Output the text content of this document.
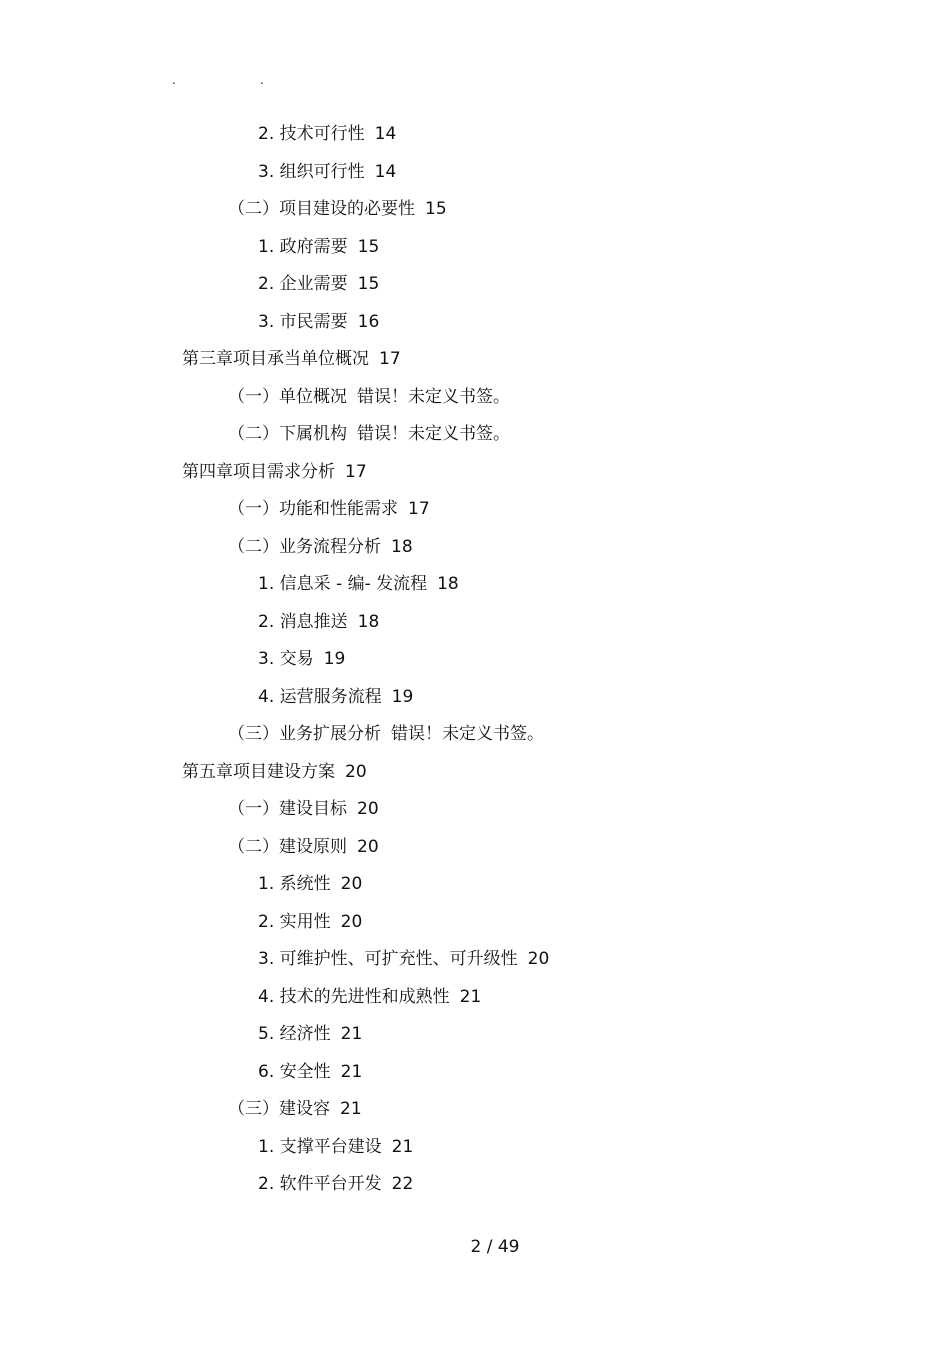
.	.
2. 技术可行性 14
3. 组织可行性 14
（二）项目建设的必要性 15
1. 政府需要 15
2. 企业需要 15
3. 市民需要 16
第三章项目承当单位概况 17
（一）单位概况 错误！未定义书签。
（二）下属机构 错误！未定义书签。
第四章项目需求分析 17
（一）功能和性能需求 17
（二）业务流程分析 18
1. 信息采 - 编- 发流程 18
2. 消息推送 18
3. 交易 19
4. 运营服务流程 19
（三）业务扩展分析 错误！未定义书签。
第五章项目建设方案 20
（一）建设目标 20
（二）建设原则 20
1. 系统性 20
2. 实用性 20
3. 可维护性、可扩充性、可升级性 20
4. 技术的先进性和成熟性 21
5. 经济性 21
6. 安全性 21
（三）建设容 21
1. 支撑平台建设 21
2. 软件平台开发 22
2 / 49
